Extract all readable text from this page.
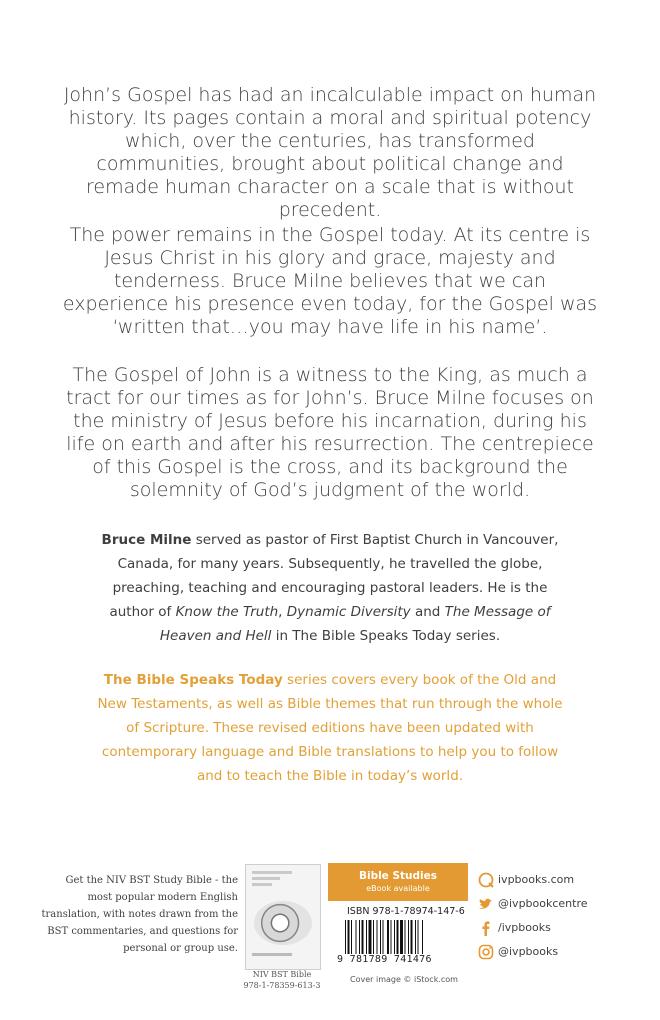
John’s Gospel has had an incalculable impact on human history. Its pages contain a moral and spiritual potency which, over the centuries, has transformed communities, brought about political change and remade human character on a scale that is without precedent.

The power remains in the Gospel today. At its centre is Jesus Christ in his glory and grace, majesty and tenderness. Bruce Milne believes that we can experience his presence even today, for the Gospel was ‘written that…you may have life in his name’.

The Gospel of John is a witness to the King, as much a tract for our times as for John’s. Bruce Milne focuses on the ministry of Jesus before his incarnation, during his life on earth and after his resurrection. The centrepiece of this Gospel is the cross, and its background the solemnity of God’s judgment of the world.

Bruce Milne served as pastor of First Baptist Church in Vancouver, Canada, for many years. Subsequently, he travelled the globe, preaching, teaching and encouraging pastoral leaders. He is the author of Know the Truth, Dynamic Diversity and The Message of Heaven and Hell in The Bible Speaks Today series.

The Bible Speaks Today series covers every book of the Old and New Testaments, as well as Bible themes that run through the whole of Scripture. These revised editions have been updated with contemporary language and Bible translations to help you to follow and to teach the Bible in today’s world.

Get the NIV BST Study Bible - the most popular modern English translation, with notes drawn from the BST commentaries, and questions for personal or group use.

NIV BST Bible
978-1-78359-613-3
Bible Studies
eBook available
ISBN 978-1-78974-147-6
9 781789 741476
Cover image © iStock.com
ivpbooks.com
@ivpbookcentre
/ivpbooks
@ivpbooks
